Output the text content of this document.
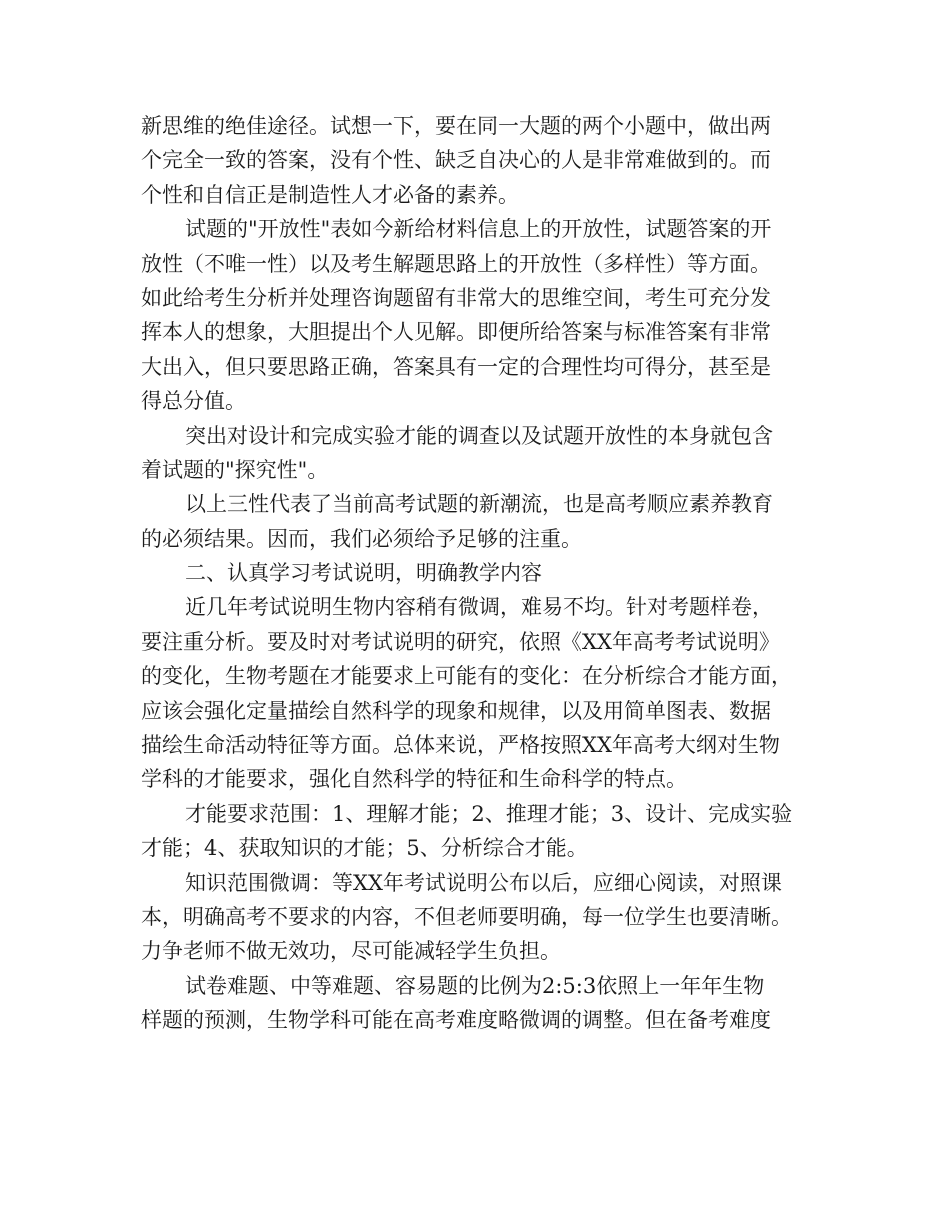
新思维的绝佳途径。试想一下，要在同一大题的两个小题中，做出两
个完全一致的答案，没有个性、缺乏自决心的人是非常难做到的。而
个性和自信正是制造性人才必备的素养。
试题的"开放性"表如今新给材料信息上的开放性，试题答案的开
放性（不唯一性）以及考生解题思路上的开放性（多样性）等方面。
如此给考生分析并处理咨询题留有非常大的思维空间，考生可充分发
挥本人的想象，大胆提出个人见解。即便所给答案与标准答案有非常
大出入，但只要思路正确，答案具有一定的合理性均可得分，甚至是
得总分值。
突出对设计和完成实验才能的调查以及试题开放性的本身就包含
着试题的"探究性"。
以上三性代表了当前高考试题的新潮流，也是高考顺应素养教育
的必须结果。因而，我们必须给予足够的注重。
二、认真学习考试说明，明确教学内容
近几年考试说明生物内容稍有微调，难易不均。针对考题样卷，
要注重分析。要及时对考试说明的研究，依照《XX年高考考试说明》
的变化，生物考题在才能要求上可能有的变化：在分析综合才能方面，
应该会强化定量描绘自然科学的现象和规律，以及用简单图表、数据
描绘生命活动特征等方面。总体来说，严格按照XX年高考大纲对生物
学科的才能要求，强化自然科学的特征和生命科学的特点。
才能要求范围：1、理解才能；2、推理才能；3、设计、完成实验
才能；4、获取知识的才能；5、分析综合才能。
知识范围微调：等XX年考试说明公布以后，应细心阅读，对照课
本，明确高考不要求的内容，不但老师要明确，每一位学生也要清晰。
力争老师不做无效功，尽可能减轻学生负担。
试卷难题、中等难题、容易题的比例为2:5:3依照上一年年生物
样题的预测，生物学科可能在高考难度略微调的调整。但在备考难度
